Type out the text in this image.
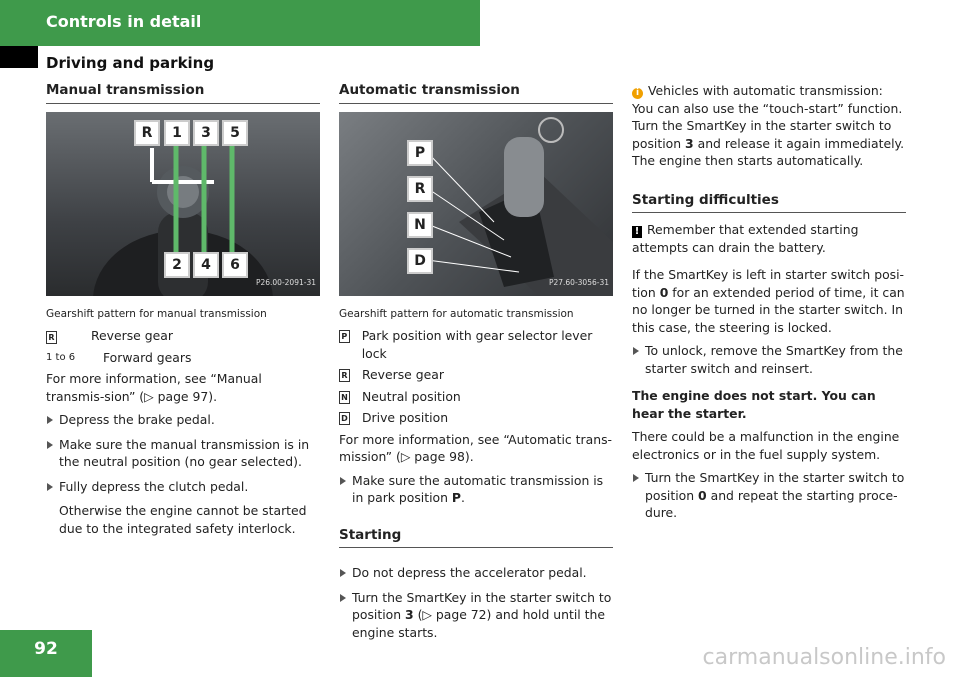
Controls in detail
Driving and parking
Manual transmission
R	1	3	5
2	4	6
P26.00-2091-31
Gearshift pattern for manual transmission
R	Reverse gear
1 to 6	Forward gears

For more information, see “Manual transmis-sion” (▷ page 97).

Depress the brake pedal.
Make sure the manual transmission is in the neutral position (no gear selected).
Fully depress the clutch pedal.

Otherwise the engine cannot be started due to the integrated safety interlock.

Automatic transmission
P
R
N
D
P27.60-3056-31
Gearshift pattern for automatic transmission
P Park position with gear selector lever lock
R Reverse gear
N Neutral position
D Drive position

For more information, see “Automatic trans-mission” (▷ page 98).

Make sure the automatic transmission is in park position P.
Starting
Do not depress the accelerator pedal.
Turn the SmartKey in the starter switch to position 3 (▷ page 72) and hold until the engine starts.
i Vehicles with automatic transmission:
You can also use the “touch-start” function. Turn the SmartKey in the starter switch to position 3 and release it again immediately. The engine then starts automatically.
Starting difficulties
! Remember that extended starting attempts can drain the battery.

If the SmartKey is left in starter switch posi-tion 0 for an extended period of time, it can no longer be turned in the starter switch. In this case, the steering is locked.

To unlock, remove the SmartKey from the starter switch and reinsert.

The engine does not start. You can hear the starter.

There could be a malfunction in the engine electronics or in the fuel supply system.

Turn the SmartKey in the starter switch to position 0 and repeat the starting proce-dure.
92	carmanualsonline.info
